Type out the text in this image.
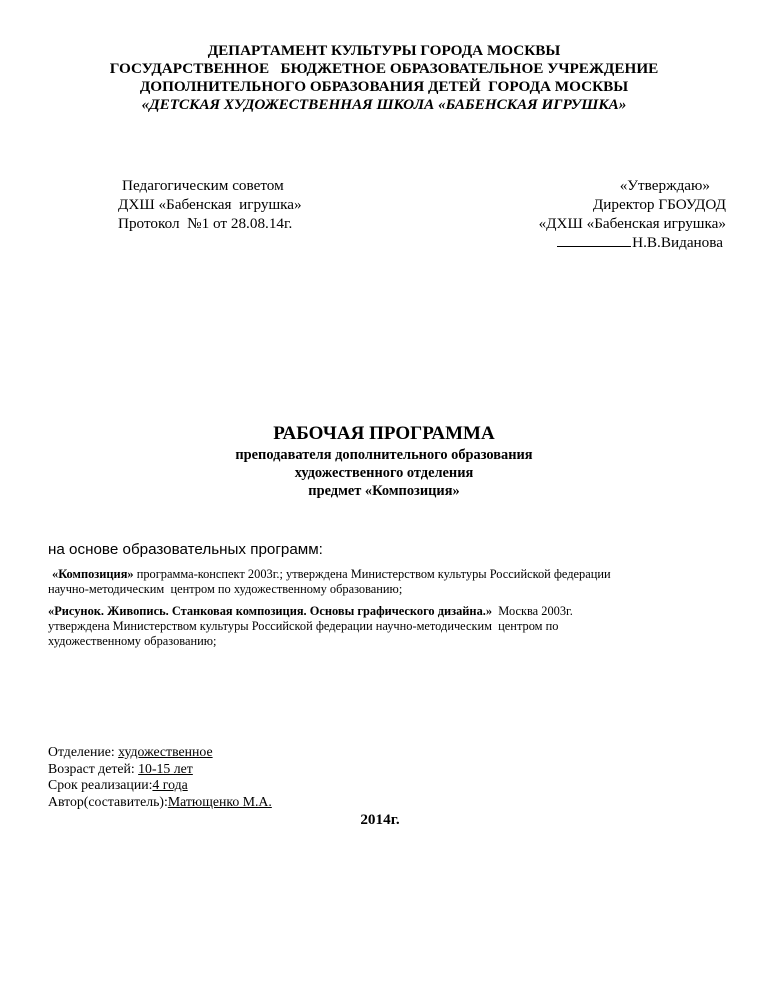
ДЕПАРТАМЕНТ КУЛЬТУРЫ ГОРОДА МОСКВЫ
ГОСУДАРСТВЕННОЕ   БЮДЖЕТНОЕ ОБРАЗОВАТЕЛЬНОЕ УЧРЕЖДЕНИЕ
ДОПОЛНИТЕЛЬНОГО ОБРАЗОВАНИЯ ДЕТЕЙ  ГОРОДА МОСКВЫ
«ДЕТСКАЯ ХУДОЖЕСТВЕННАЯ ШКОЛА «БАБЕНСКАЯ ИГРУШКА»
Педагогическим советом
ДХШ «Бабенская  игрушка»
Протокол  №1 от 28.08.14г.
«Утверждаю»
Директор ГБОУДОД
«ДХШ «Бабенская игрушка»
Н.В.Виданова
РАБОЧАЯ ПРОГРАММА
преподавателя дополнительного образования
художественного отделения
предмет «Композиция»
на основе образовательных программ:
«Композиция» программа-конспект 2003г.; утверждена Министерством культуры Российской федерации
научно-методическим  центром по художественному образованию;
«Рисунок. Живопись. Станковая композиция. Основы графического дизайна.»  Москва 2003г.
утверждена Министерством культуры Российской федерации научно-методическим  центром по
художественному образованию;
Отделение: художественное
Возраст детей: 10-15 лет
Срок реализации:4 года
Автор(составитель):Матющенко М.А.
2014г.
